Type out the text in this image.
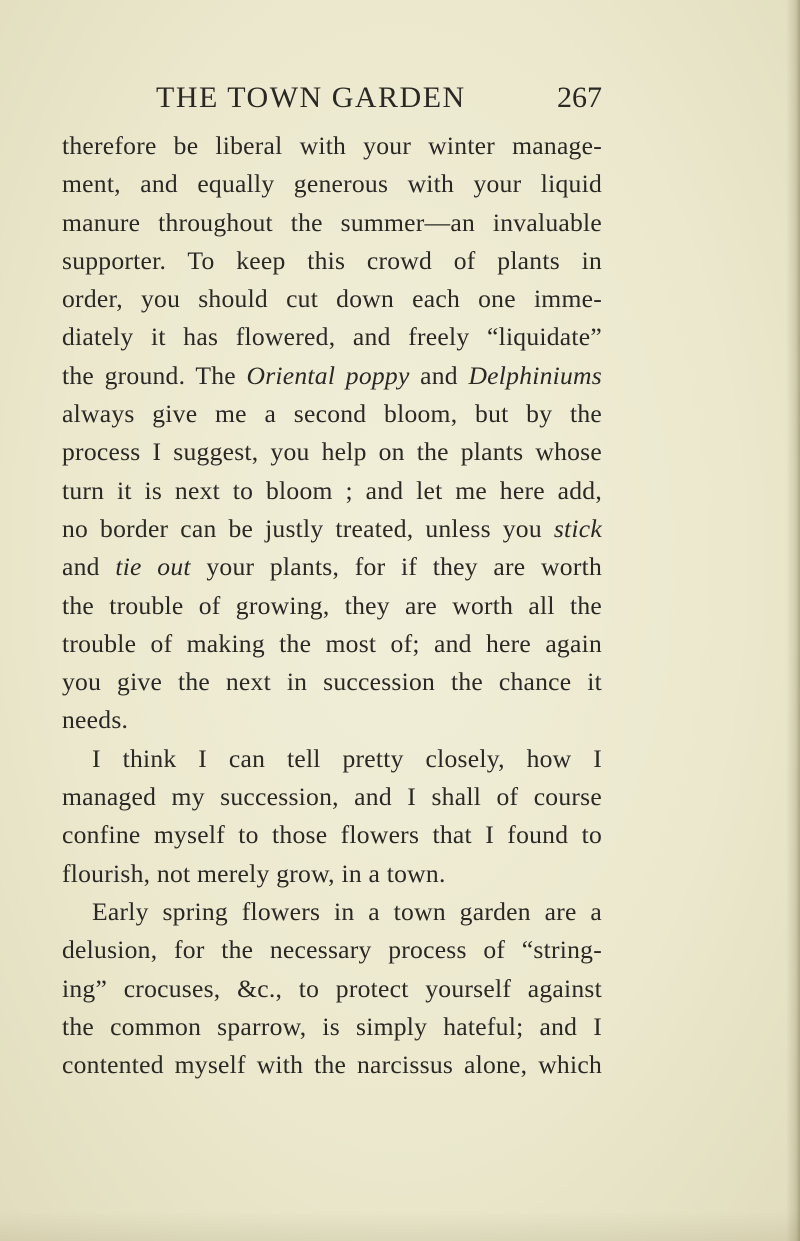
THE TOWN GARDEN	267
therefore be liberal with your winter manage-
ment, and equally generous with your liquid
manure throughout the summer—an invaluable
supporter. To keep this crowd of plants in
order, you should cut down each one imme-
diately it has flowered, and freely “liquidate”
the ground. The Oriental poppy and Delphiniums
always give me a second bloom, but by the
process I suggest, you help on the plants whose
turn it is next to bloom ; and let me here add,
no border can be justly treated, unless you stick
and tie out your plants, for if they are worth
the trouble of growing, they are worth all the
trouble of making the most of; and here again
you give the next in succession the chance it
needs.
I think I can tell pretty closely, how I
managed my succession, and I shall of course
confine myself to those flowers that I found to
flourish, not merely grow, in a town.
Early spring flowers in a town garden are a
delusion, for the necessary process of “string-
ing” crocuses, &c., to protect yourself against
the common sparrow, is simply hateful; and I
contented myself with the narcissus alone, which
